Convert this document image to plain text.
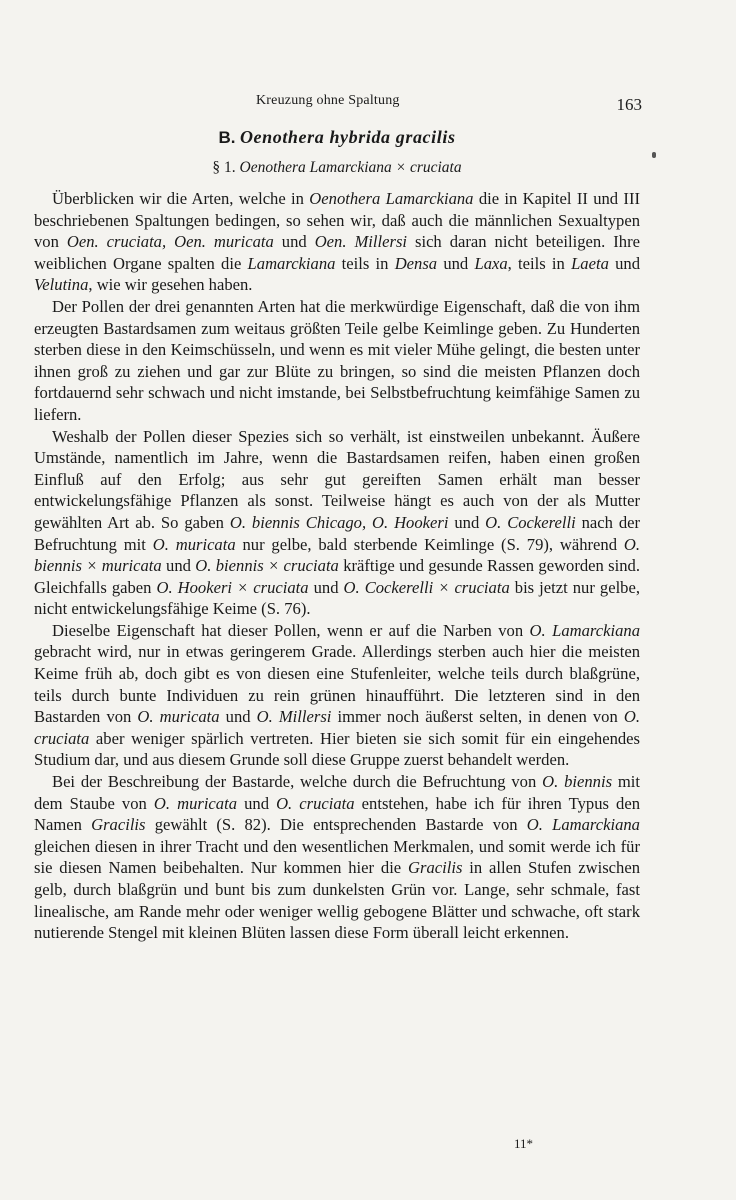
Kreuzung ohne Spaltung	163
B. Oenothera hybrida gracilis
§ 1. Oenothera Lamarckiana × cruciata

Überblicken wir die Arten, welche in Oenothera Lamarckiana die in Kapitel II und III beschriebenen Spaltungen bedingen, so sehen wir, daß auch die männlichen Sexualtypen von Oen. cruciata, Oen. muricata und Oen. Millersi sich daran nicht beteiligen. Ihre weiblichen Organe spalten die Lamarckiana teils in Densa und Laxa, teils in Laeta und Velutina, wie wir gesehen haben.

Der Pollen der drei genannten Arten hat die merkwürdige Eigenschaft, daß die von ihm erzeugten Bastardsamen zum weitaus größten Teile gelbe Keimlinge geben. Zu Hunderten sterben diese in den Keimschüsseln, und wenn es mit vieler Mühe gelingt, die besten unter ihnen groß zu ziehen und gar zur Blüte zu bringen, so sind die meisten Pflanzen doch fortdauernd sehr schwach und nicht imstande, bei Selbstbefruchtung keimfähige Samen zu liefern.

Weshalb der Pollen dieser Spezies sich so verhält, ist einstweilen unbekannt. Äußere Umstände, namentlich im Jahre, wenn die Bastardsamen reifen, haben einen großen Einfluß auf den Erfolg; aus sehr gut gereiften Samen erhält man besser entwickelungsfähige Pflanzen als sonst. Teilweise hängt es auch von der als Mutter gewählten Art ab. So gaben O. biennis Chicago, O. Hookeri und O. Cockerelli nach der Befruchtung mit O. muricata nur gelbe, bald sterbende Keimlinge (S. 79), während O. biennis × muricata und O. biennis × cruciata kräftige und gesunde Rassen geworden sind. Gleichfalls gaben O. Hookeri × cruciata und O. Cockerelli × cruciata bis jetzt nur gelbe, nicht entwickelungsfähige Keime (S. 76).

Dieselbe Eigenschaft hat dieser Pollen, wenn er auf die Narben von O. Lamarckiana gebracht wird, nur in etwas geringerem Grade. Allerdings sterben auch hier die meisten Keime früh ab, doch gibt es von diesen eine Stufenleiter, welche teils durch blaßgrüne, teils durch bunte Individuen zu rein grünen hinaufführt. Die letzteren sind in den Bastarden von O. muricata und O. Millersi immer noch äußerst selten, in denen von O. cruciata aber weniger spärlich vertreten. Hier bieten sie sich somit für ein eingehendes Studium dar, und aus diesem Grunde soll diese Gruppe zuerst behandelt werden.

Bei der Beschreibung der Bastarde, welche durch die Befruchtung von O. biennis mit dem Staube von O. muricata und O. cruciata entstehen, habe ich für ihren Typus den Namen Gracilis gewählt (S. 82). Die entsprechenden Bastarde von O. Lamarckiana gleichen diesen in ihrer Tracht und den wesentlichen Merkmalen, und somit werde ich für sie diesen Namen beibehalten. Nur kommen hier die Gracilis in allen Stufen zwischen gelb, durch blaßgrün und bunt bis zum dunkelsten Grün vor. Lange, sehr schmale, fast linealische, am Rande mehr oder weniger wellig gebogene Blätter und schwache, oft stark nutierende Stengel mit kleinen Blüten lassen diese Form überall leicht erkennen.

11*
